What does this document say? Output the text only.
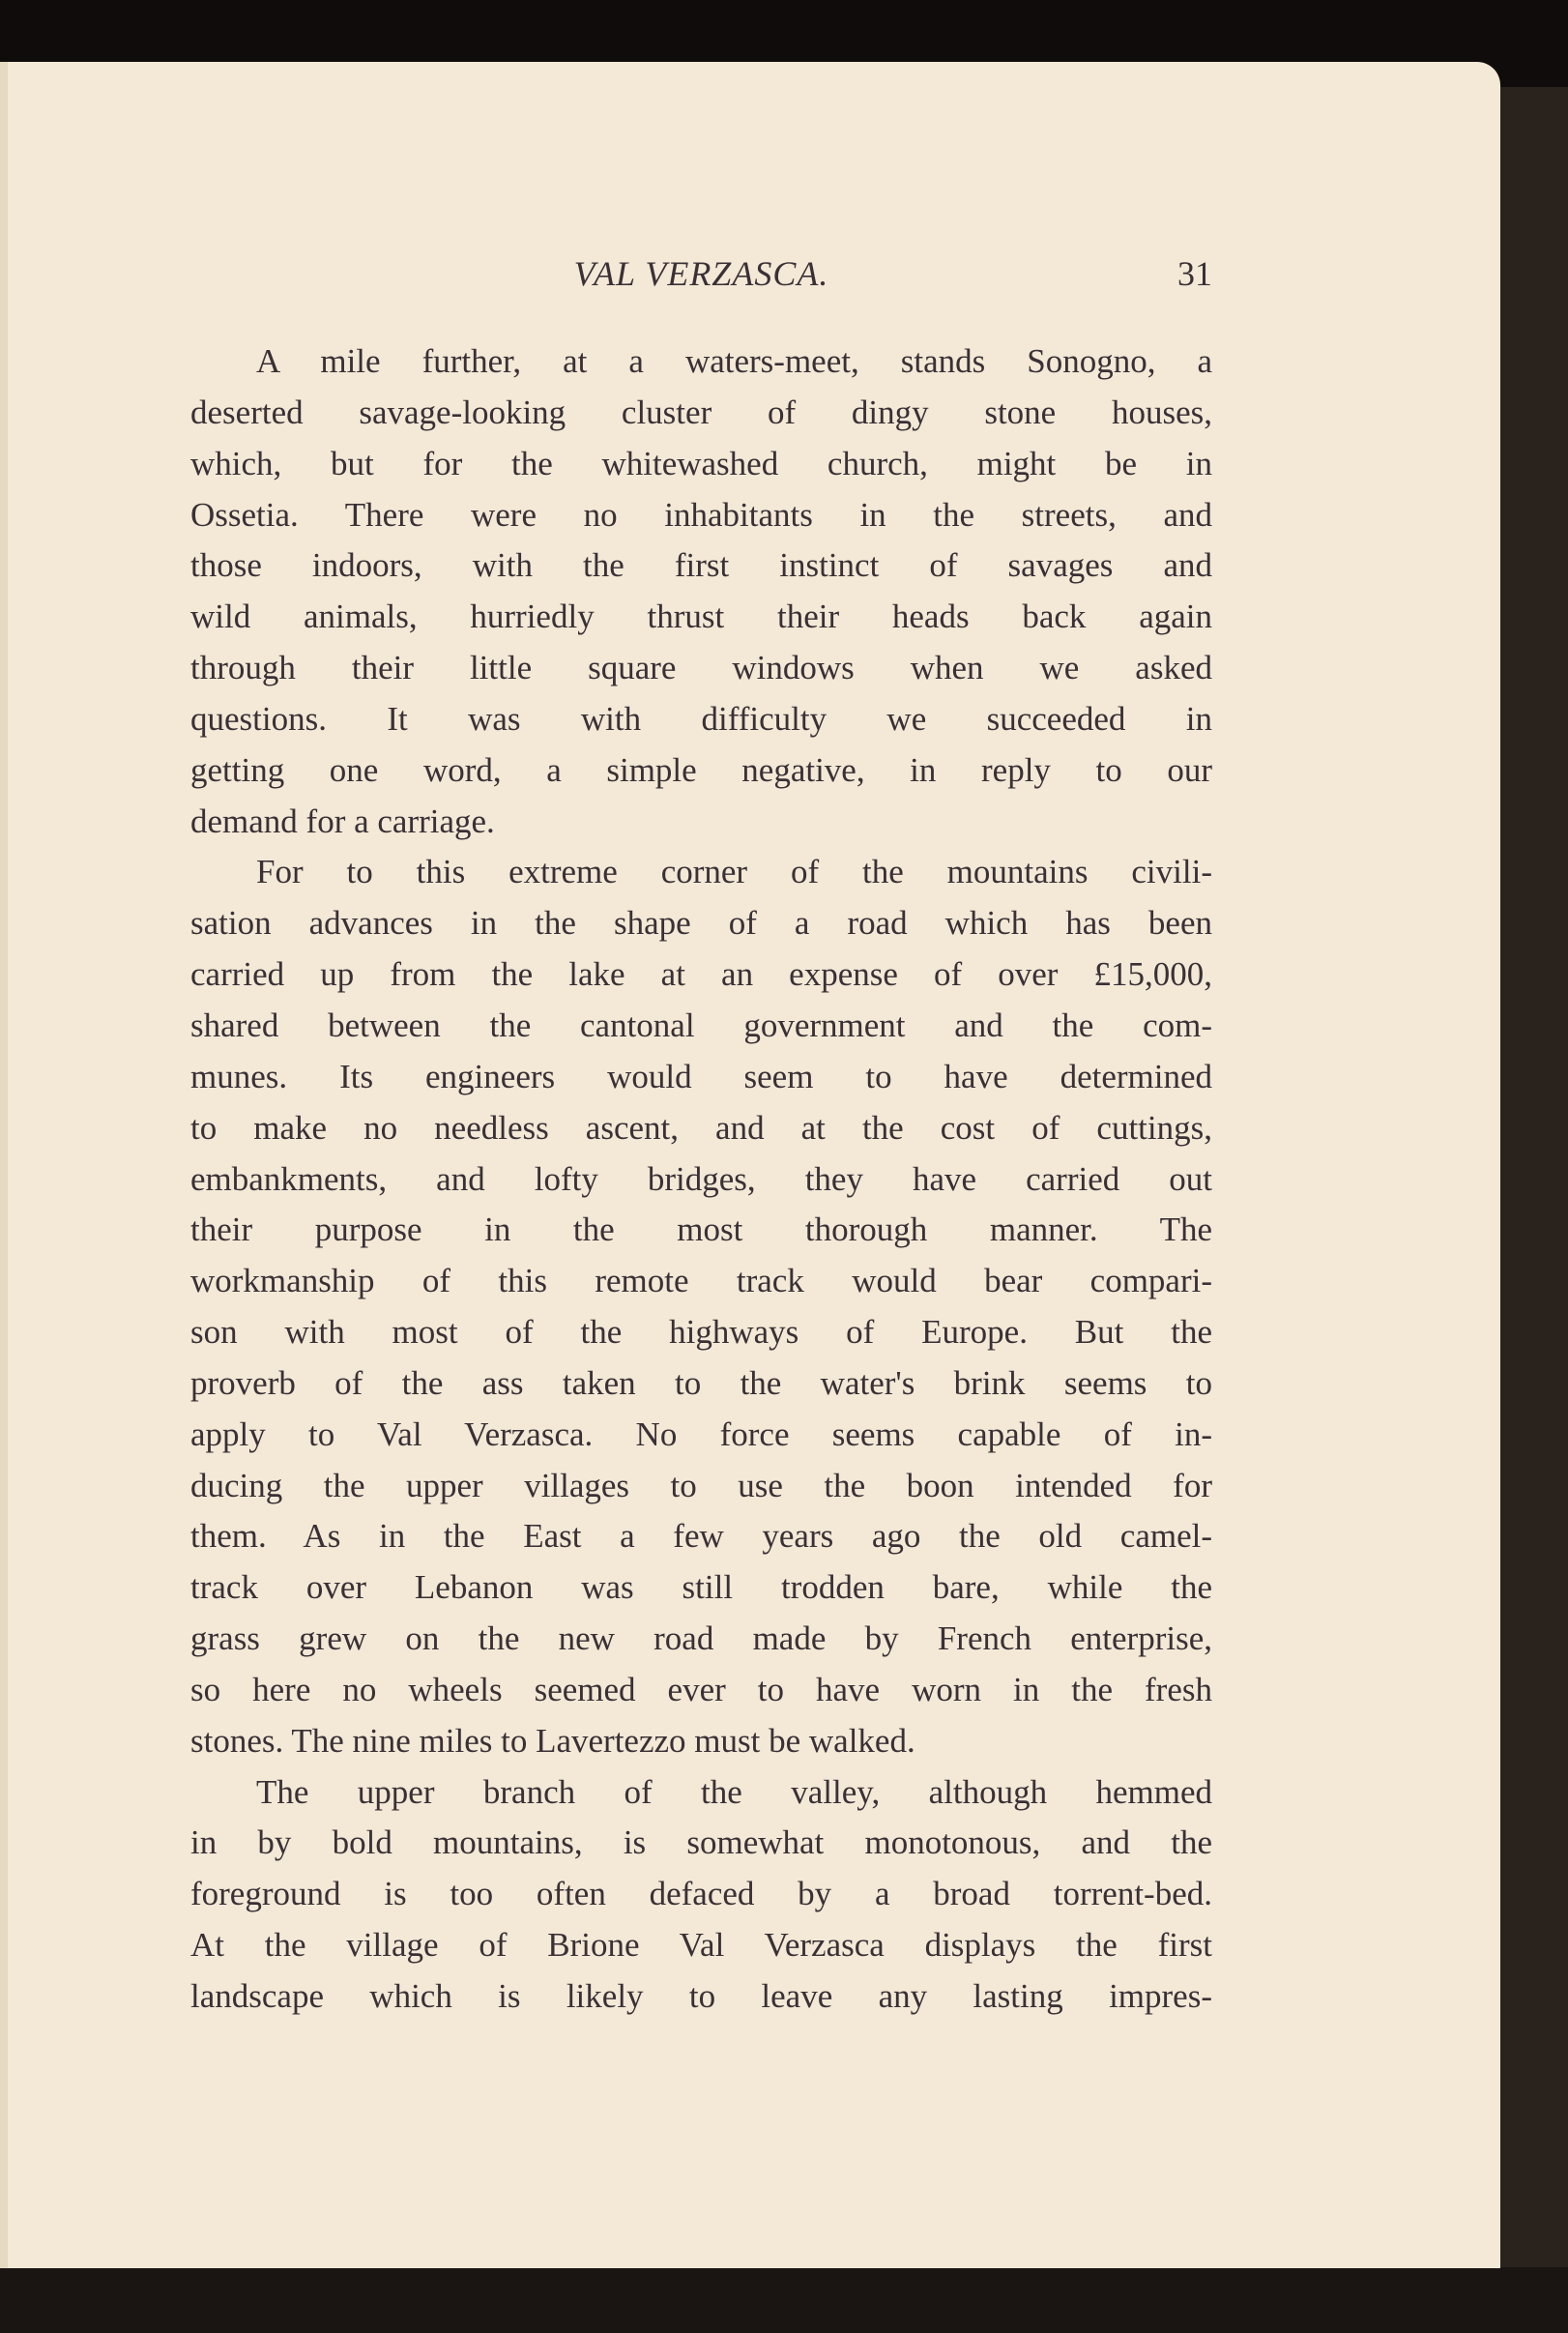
VAL VERZASCA.	31
A mile further, at a waters-meet, stands Sonogno, a
deserted savage-looking cluster of dingy stone houses,
which, but for the whitewashed church, might be in
Ossetia. There were no inhabitants in the streets, and
those indoors, with the first instinct of savages and
wild animals, hurriedly thrust their heads back again
through their little square windows when we asked
questions. It was with difficulty we succeeded in
getting one word, a simple negative, in reply to our
demand for a carriage.
For to this extreme corner of the mountains civili-
sation advances in the shape of a road which has been
carried up from the lake at an expense of over £15,000,
shared between the cantonal government and the com-
munes. Its engineers would seem to have determined
to make no needless ascent, and at the cost of cuttings,
embankments, and lofty bridges, they have carried out
their purpose in the most thorough manner. The
workmanship of this remote track would bear compari-
son with most of the highways of Europe. But the
proverb of the ass taken to the water's brink seems to
apply to Val Verzasca. No force seems capable of in-
ducing the upper villages to use the boon intended for
them. As in the East a few years ago the old camel-
track over Lebanon was still trodden bare, while the
grass grew on the new road made by French enterprise,
so here no wheels seemed ever to have worn in the fresh
stones. The nine miles to Lavertezzo must be walked.
The upper branch of the valley, although hemmed
in by bold mountains, is somewhat monotonous, and the
foreground is too often defaced by a broad torrent-bed.
At the village of Brione Val Verzasca displays the first
landscape which is likely to leave any lasting impres-
